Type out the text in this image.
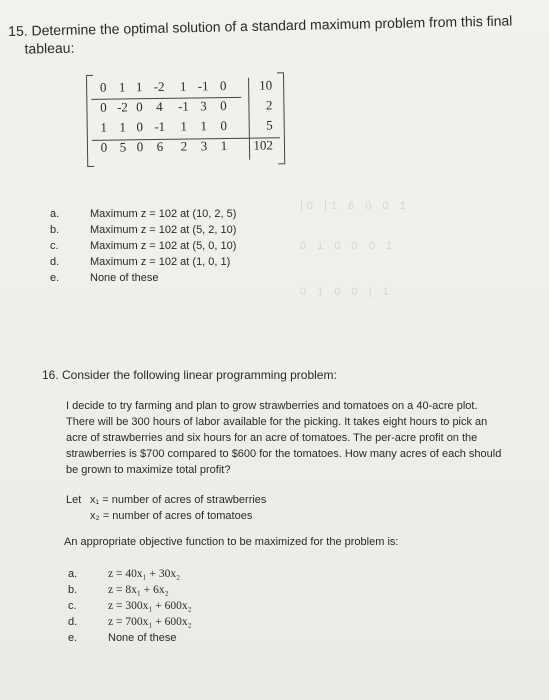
15. Determine the optimal solution of a standard maximum problem from this final
tableau:
0 1 1 -2	1 -1 0	10
0 -2 0	4	-1 3	0	2
1 1 0 -1	1	1	0	5
0 5 0	6	2	3	1	102
|0 |1 6 0 0 1
0 1 0 0 0 1
0 1 0 0 | 1
a.	Maximum z = 102 at (10, 2, 5)
b.	Maximum z = 102 at (5, 2, 10)
c.	Maximum z = 102 at (5, 0, 10)
d.	Maximum z = 102 at (1, 0, 1)
e.	None of these
16. Consider the following linear programming problem:
I decide to try farming and plan to grow strawberries and tomatoes on a 40-acre plot. There will be 300 hours of labor available for the picking. It takes eight hours to pick an acre of strawberries and six hours for an acre of tomatoes. The per-acre profit on the strawberries is $700 compared to $600 for the tomatoes. How many acres of each should be grown to maximize total profit?
Let x₁ = number of acres of strawberries
x₂ = number of acres of tomatoes
An appropriate objective function to be maximized for the problem is:
a.	z = 40x₁ + 30x₂
b.	z = 8x₁ + 6x₂
c.	z = 300x₁ + 600x₂
d.	z = 700x₁ + 600x₂
e.	None of these
